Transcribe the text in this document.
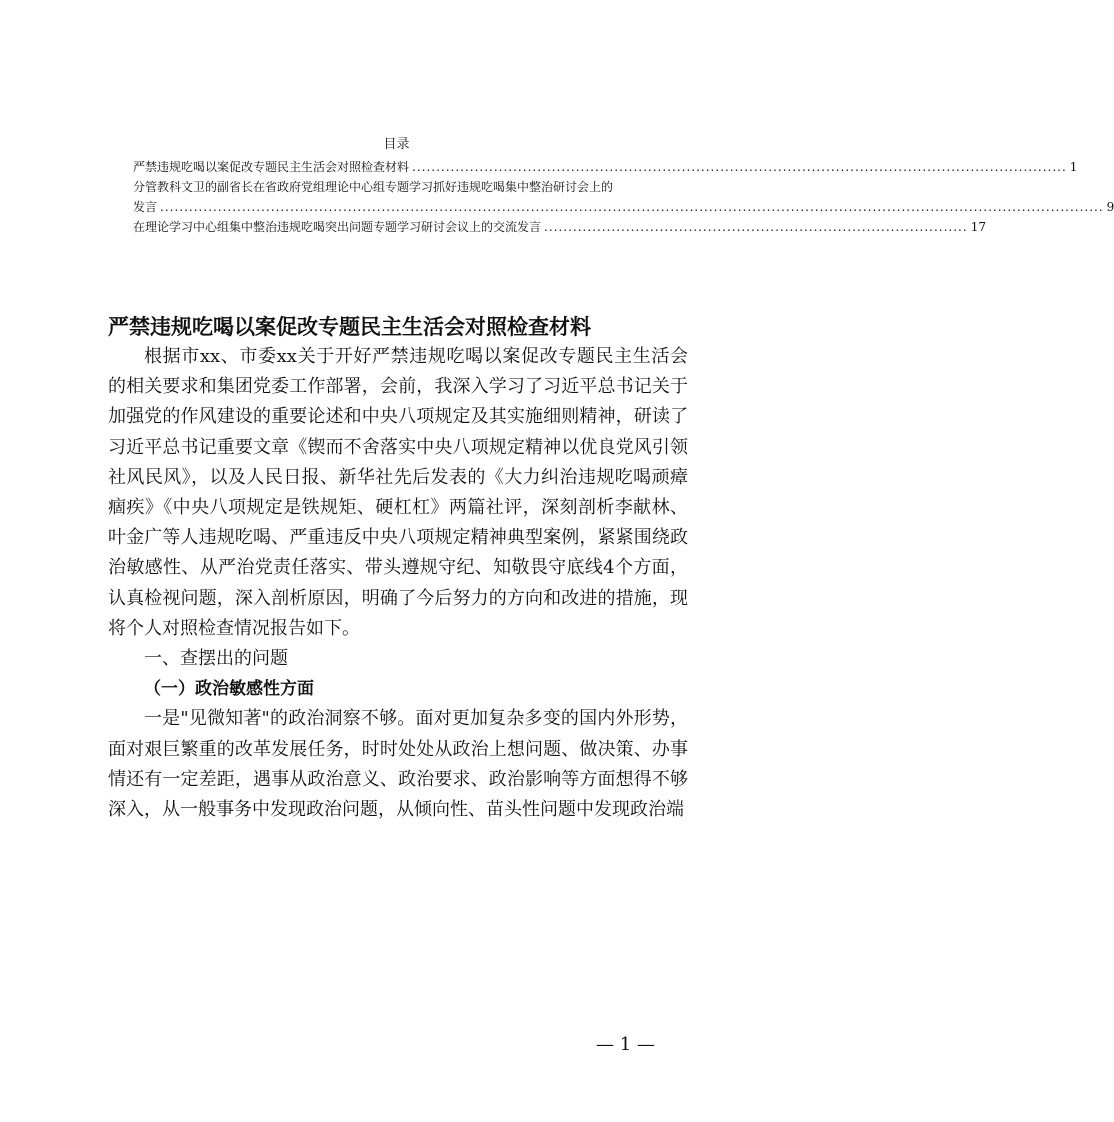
目录
严禁违规吃喝以案促改专题民主生活会对照检查材料 ........................................................................................................................................ 1
分管教科文卫的副省长在省政府党组理论中心组专题学习抓好违规吃喝集中整治研讨会上的
发言 .................................................................................................................................................................................................... 9
在理论学习中心组集中整治违规吃喝突出问题专题学习研讨会议上的交流发言 ........................................................................................ 17
严禁违规吃喝以案促改专题民主生活会对照检查材料

根据市xx、市委xx关于开好严禁违规吃喝以案促改专题民主生活会的相关要求和集团党委工作部署，会前，我深入学习了习近平总书记关于加强党的作风建设的重要论述和中央八项规定及其实施细则精神，研读了习近平总书记重要文章《锲而不舍落实中央八项规定精神以优良党风引领社风民风》，以及人民日报、新华社先后发表的《大力纠治违规吃喝顽瘴痼疾》《中央八项规定是铁规矩、硬杠杠》两篇社评，深刻剖析李献林、叶金广等人违规吃喝、严重违反中央八项规定精神典型案例，紧紧围绕政治敏感性、从严治党责任落实、带头遵规守纪、知敬畏守底线4个方面，认真检视问题，深入剖析原因，明确了今后努力的方向和改进的措施，现将个人对照检查情况报告如下。

一、查摆出的问题
（一）政治敏感性方面

一是"见微知著"的政治洞察不够。面对更加复杂多变的国内外形势，面对艰巨繁重的改革发展任务，时时处处从政治上想问题、做决策、办事情还有一定差距，遇事从政治意义、政治要求、政治影响等方面想得不够深入，从一般事务中发现政治问题，从倾向性、苗头性问题中发现政治端

— 1 —
